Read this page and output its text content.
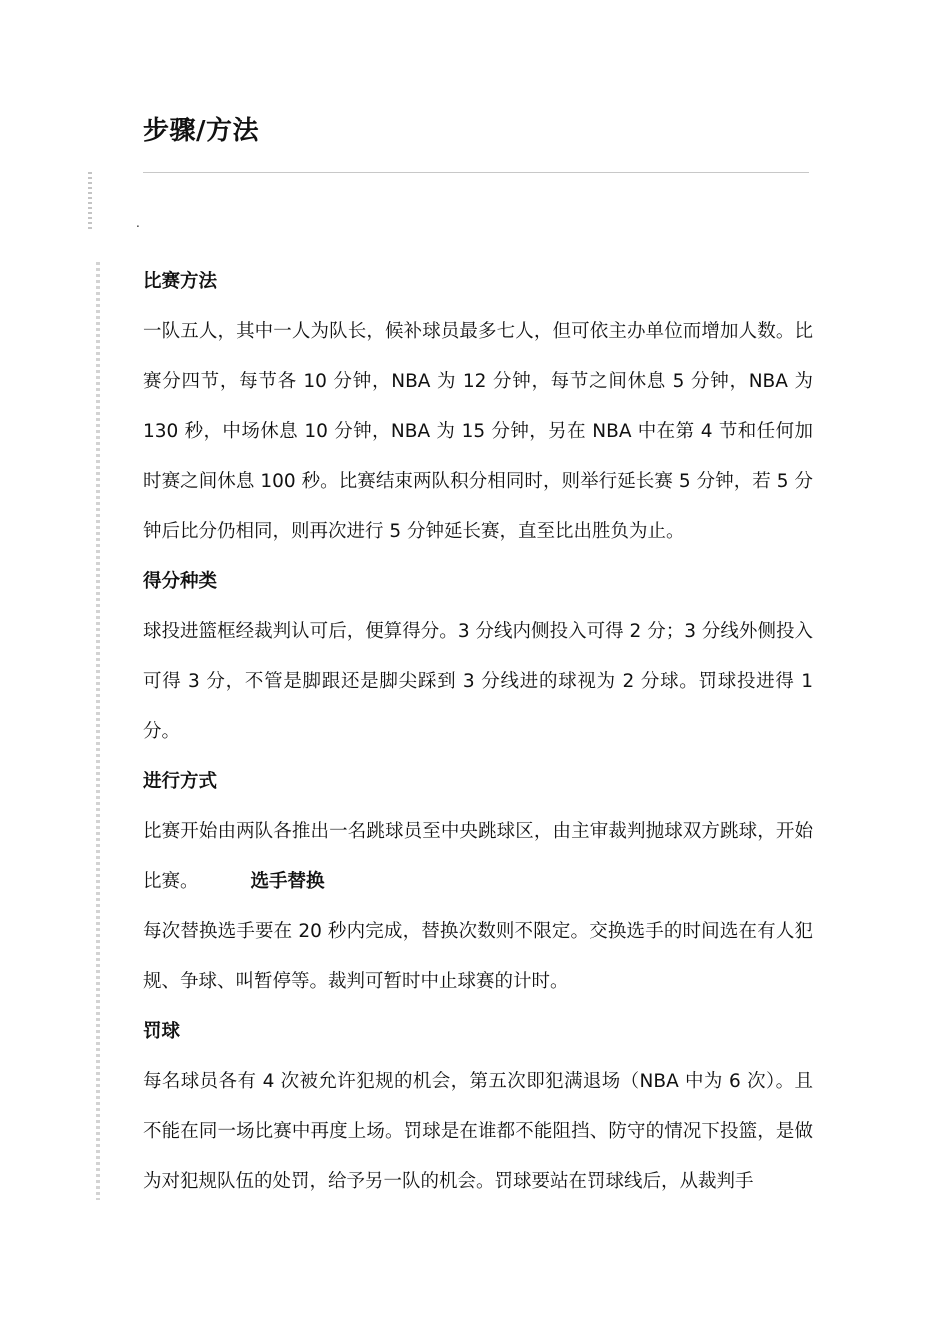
步骤/方法
.
比赛方法

一队五人，其中一人为队长，候补球员最多七人，但可依主办单位而增加人数。比赛分四节，每节各 10 分钟，NBA 为 12 分钟，每节之间休息 5 分钟，NBA 为 130 秒，中场休息 10 分钟，NBA 为 15 分钟，另在 NBA 中在第 4 节和任何加时赛之间休息 100 秒。比赛结束两队积分相同时，则举行延长赛 5 分钟，若 5 分钟后比分仍相同，则再次进行 5 分钟延长赛，直至比出胜负为止。

得分种类

球投进篮框经裁判认可后，便算得分。3 分线内侧投入可得 2 分；3 分线外侧投入可得 3 分，不管是脚跟还是脚尖踩到 3 分线进的球视为 2 分球。罚球投进得 1 分。

进行方式

比赛开始由两队各推出一名跳球员至中央跳球区，由主审裁判抛球双方跳球，开始比赛。	选手替换

每次替换选手要在 20 秒内完成，替换次数则不限定。交换选手的时间选在有人犯规、争球、叫暂停等。裁判可暂时中止球赛的计时。

罚球

每名球员各有 4 次被允许犯规的机会，第五次即犯满退场（NBA 中为 6 次）。且不能在同一场比赛中再度上场。罚球是在谁都不能阻挡、防守的情况下投篮，是做为对犯规队伍的处罚，给予另一队的机会。罚球要站在罚球线后，从裁判手
